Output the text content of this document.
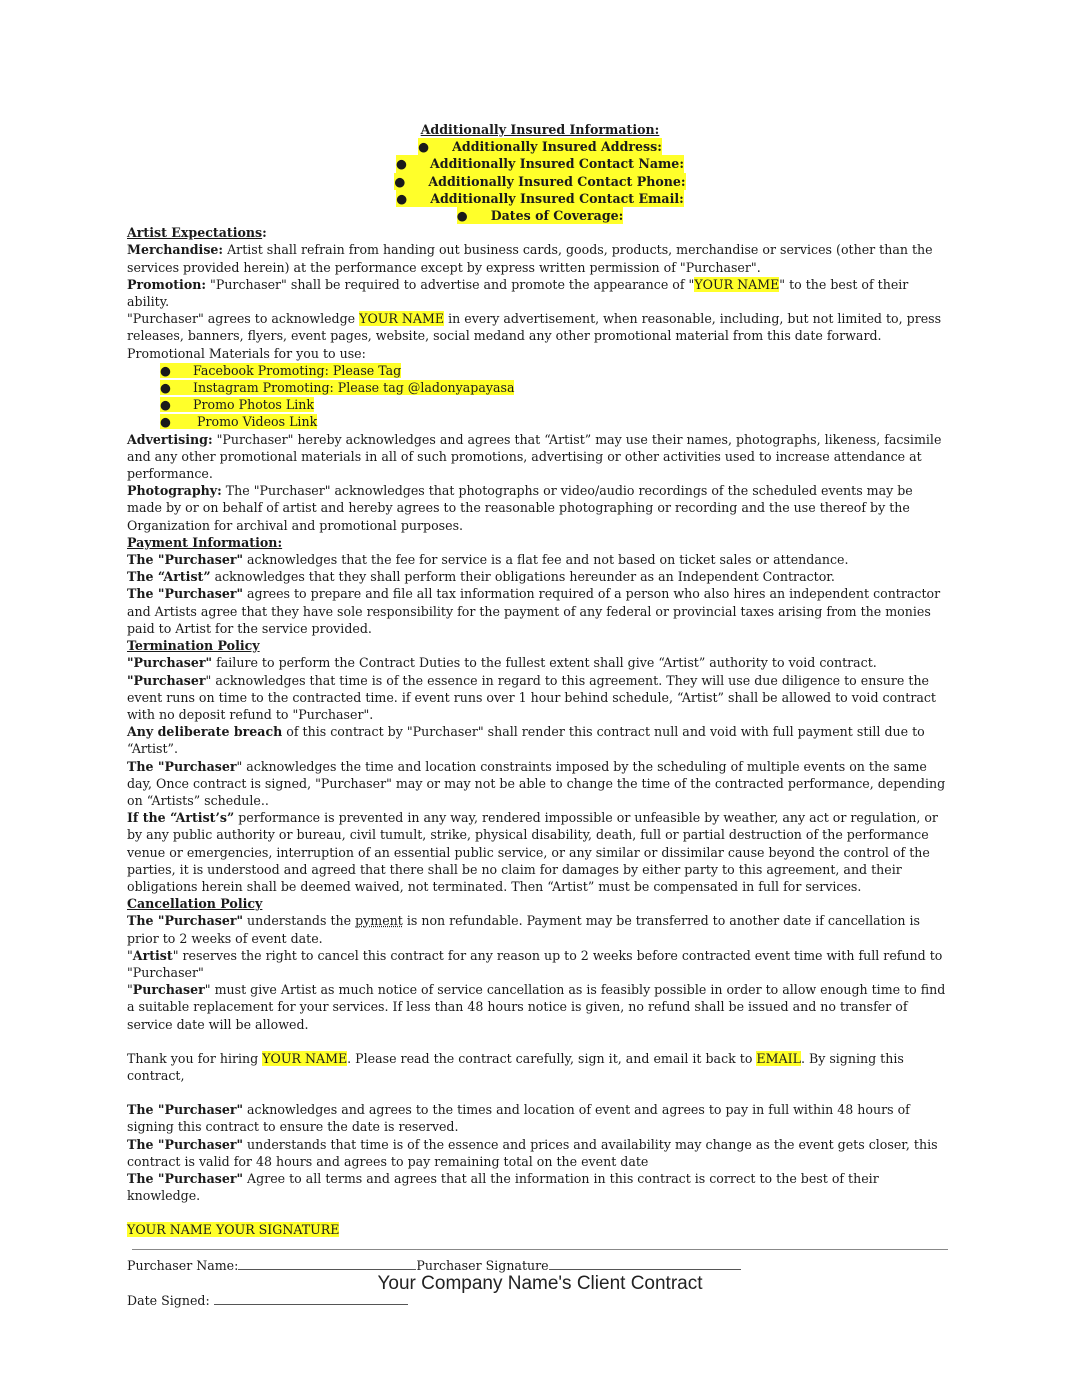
Additionally Insured Information:
● Additionally Insured Address:
● Additionally Insured Contact Name:
● Additionally Insured Contact Phone:
● Additionally Insured Contact Email:
● Dates of Coverage:

Artist Expectations:

Merchandise: Artist shall refrain from handing out business cards, goods, products, merchandise or services (other than the services provided herein) at the performance except by express written permission of "Purchaser".

Promotion: "Purchaser" shall be required to advertise and promote the appearance of "YOUR NAME" to the best of their ability.

"Purchaser" agrees to acknowledge YOUR NAME in every advertisement, when reasonable, including, but not limited to, press releases, banners, flyers, event pages, website, social medand any other promotional material from this date forward.

Promotional Materials for you to use:

● Facebook Promoting: Please Tag
● Instagram Promoting: Please tag @ladonyapayasa
● Promo Photos Link
● Promo Videos Link

Advertising: "Purchaser" hereby acknowledges and agrees that “Artist” may use their names, photographs, likeness, facsimile and any other promotional materials in all of such promotions, advertising or other activities used to increase attendance at performance.

Photography: The "Purchaser" acknowledges that photographs or video/audio recordings of the scheduled events may be made by or on behalf of artist and hereby agrees to the reasonable photographing or recording and the use thereof by the Organization for archival and promotional purposes.

Payment Information:

The "Purchaser" acknowledges that the fee for service is a flat fee and not based on ticket sales or attendance.

The “Artist” acknowledges that they shall perform their obligations hereunder as an Independent Contractor.

The "Purchaser" agrees to prepare and file all tax information required of a person who also hires an independent contractor and Artists agree that they have sole responsibility for the payment of any federal or provincial taxes arising from the monies paid to Artist for the service provided.

Termination Policy

"Purchaser" failure to perform the Contract Duties to the fullest extent shall give “Artist” authority to void contract.

"Purchaser" acknowledges that time is of the essence in regard to this agreement. They will use due diligence to ensure the event runs on time to the contracted time. if event runs over 1 hour behind schedule, “Artist” shall be allowed to void contract with no deposit refund to "Purchaser".

Any deliberate breach of this contract by "Purchaser" shall render this contract null and void with full payment still due to “Artist”.

The "Purchaser" acknowledges the time and location constraints imposed by the scheduling of multiple events on the same day, Once contract is signed, "Purchaser" may or may not be able to change the time of the contracted performance, depending on “Artists” schedule..

If the “Artist’s” performance is prevented in any way, rendered impossible or unfeasible by weather, any act or regulation, or by any public authority or bureau, civil tumult, strike, physical disability, death, full or partial destruction of the performance venue or emergencies, interruption of an essential public service, or any similar or dissimilar cause beyond the control of the parties, it is understood and agreed that there shall be no claim for damages by either party to this agreement, and their obligations herein shall be deemed waived, not terminated. Then “Artist” must be compensated in full for services.

Cancellation Policy

The "Purchaser" understands the pyment is non refundable. Payment may be transferred to another date if cancellation is prior to 2 weeks of event date.

"Artist" reserves the right to cancel this contract for any reason up to 2 weeks before contracted event time with full refund to "Purchaser"

"Purchaser" must give Artist as much notice of service cancellation as is feasibly possible in order to allow enough time to find a suitable replacement for your services. If less than 48 hours notice is given, no refund shall be issued and no transfer of service date will be allowed.

Thank you for hiring YOUR NAME. Please read the contract carefully, sign it, and email it back to EMAIL. By signing this contract,

The "Purchaser" acknowledges and agrees to the times and location of event and agrees to pay in full within 48 hours of signing this contract to ensure the date is reserved.

The "Purchaser" understands that time is of the essence and prices and availability may change as the event gets closer, this contract is valid for 48 hours and agrees to pay remaining total on the event date

The "Purchaser" Agree to all terms and agrees that all the information in this contract is correct to the best of their knowledge.

YOUR NAME YOUR SIGNATURE

Purchaser Name:	Purchaser Signature

Date Signed:

Your Company Name's Client Contract
